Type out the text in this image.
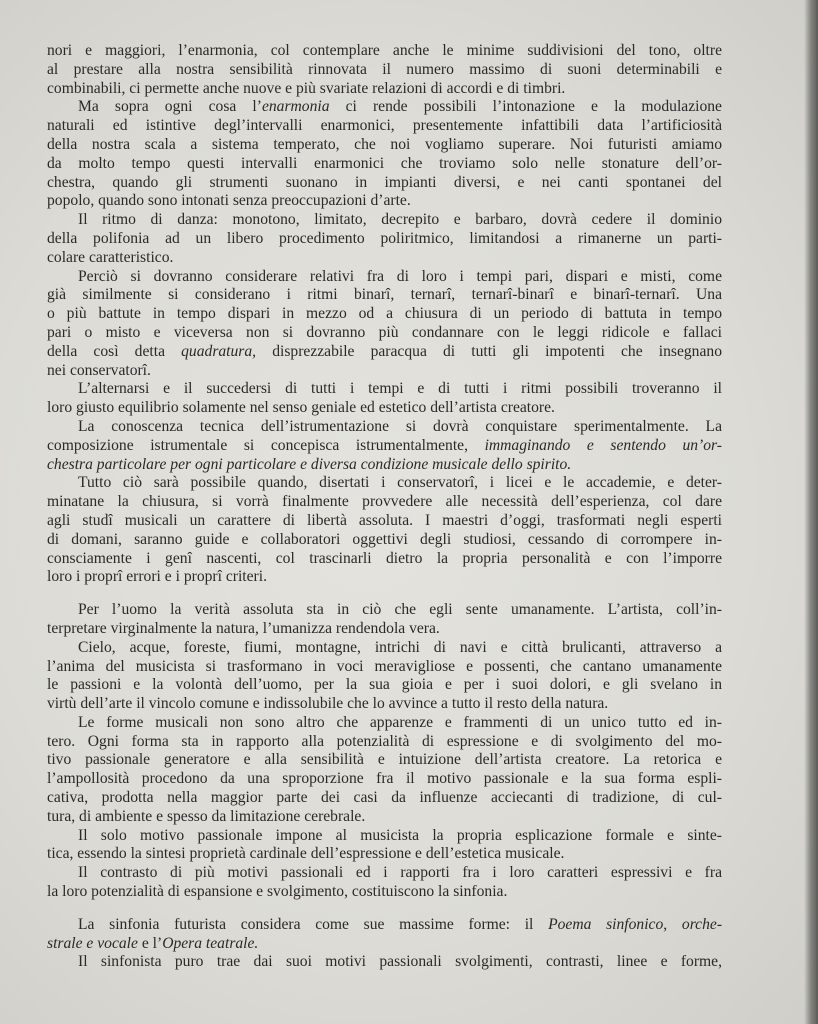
nori e maggiori, l’enarmonia, col contemplare anche le minime suddivisioni del tono, oltre
al prestare alla nostra sensibilità rinnovata il numero massimo di suoni determinabili e
combinabili, ci permette anche nuove e più svariate relazioni di accordi e di timbri.
Ma sopra ogni cosa l’enarmonia ci rende possibili l’intonazione e la modulazione
naturali ed istintive degl’intervalli enarmonici, presentemente infattibili data l’artificiosità
della nostra scala a sistema temperato, che noi vogliamo superare. Noi futuristi amiamo
da molto tempo questi intervalli enarmonici che troviamo solo nelle stonature dell’or-
chestra, quando gli strumenti suonano in impianti diversi, e nei canti spontanei del
popolo, quando sono intonati senza preoccupazioni d’arte.
Il ritmo di danza: monotono, limitato, decrepito e barbaro, dovrà cedere il dominio
della polifonia ad un libero procedimento poliritmico, limitandosi a rimanerne un parti-
colare caratteristico.
Perciò si dovranno considerare relativi fra di loro i tempi pari, dispari e misti, come
già similmente si considerano i ritmi binarî, ternarî, ternarî-binarî e binarî-ternarî. Una
o più battute in tempo dispari in mezzo od a chiusura di un periodo di battuta in tempo
pari o misto e viceversa non si dovranno più condannare con le leggi ridicole e fallaci
della così detta quadratura, disprezzabile paracqua di tutti gli impotenti che insegnano
nei conservatorî.
L’alternarsi e il succedersi di tutti i tempi e di tutti i ritmi possibili troveranno il
loro giusto equilibrio solamente nel senso geniale ed estetico dell’artista creatore.
La conoscenza tecnica dell’istrumentazione si dovrà conquistare sperimentalmente. La
composizione istrumentale si concepisca istrumentalmente, immaginando e sentendo un’or-
chestra particolare per ogni particolare e diversa condizione musicale dello spirito.
Tutto ciò sarà possibile quando, disertati i conservatorî, i licei e le accademie, e deter-
minatane la chiusura, si vorrà finalmente provvedere alle necessità dell’esperienza, col dare
agli studî musicali un carattere di libertà assoluta. I maestri d’oggi, trasformati negli esperti
di domani, saranno guide e collaboratori oggettivi degli studiosi, cessando di corrompere in-
consciamente i genî nascenti, col trascinarli dietro la propria personalità e con l’imporre
loro i proprî errori e i proprî criteri.
Per l’uomo la verità assoluta sta in ciò che egli sente umanamente. L’artista, coll’in-
terpretare virginalmente la natura, l’umanizza rendendola vera.
Cielo, acque, foreste, fiumi, montagne, intrichi di navi e città brulicanti, attraverso a
l’anima del musicista si trasformano in voci meravigliose e possenti, che cantano umanamente
le passioni e la volontà dell’uomo, per la sua gioia e per i suoi dolori, e gli svelano in
virtù dell’arte il vincolo comune e indissolubile che lo avvince a tutto il resto della natura.
Le forme musicali non sono altro che apparenze e frammenti di un unico tutto ed in-
tero. Ogni forma sta in rapporto alla potenzialità di espressione e di svolgimento del mo-
tivo passionale generatore e alla sensibilità e intuizione dell’artista creatore. La retorica e
l’ampollosità procedono da una sproporzione fra il motivo passionale e la sua forma espli-
cativa, prodotta nella maggior parte dei casi da influenze acciecanti di tradizione, di cul-
tura, di ambiente e spesso da limitazione cerebrale.
Il solo motivo passionale impone al musicista la propria esplicazione formale e sinte-
tica, essendo la sintesi proprietà cardinale dell’espressione e dell’estetica musicale.
Il contrasto di più motivi passionali ed i rapporti fra i loro caratteri espressivi e fra
la loro potenzialità di espansione e svolgimento, costituiscono la sinfonia.
La sinfonia futurista considera come sue massime forme: il Poema sinfonico, orche-
strale e vocale e l’Opera teatrale.
Il sinfonista puro trae dai suoi motivi passionali svolgimenti, contrasti, linee e forme,
